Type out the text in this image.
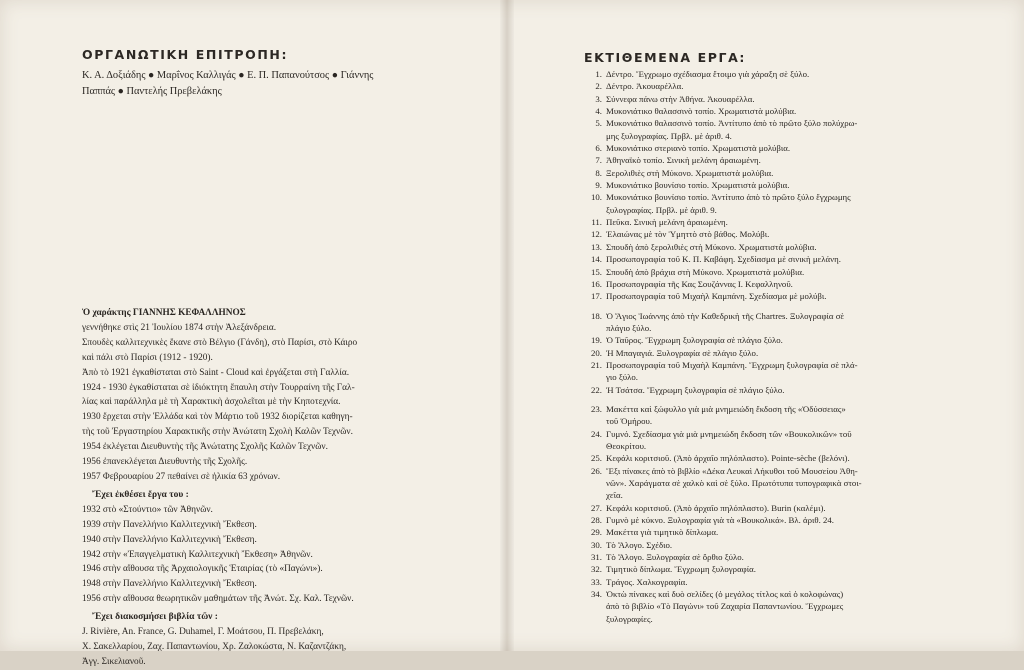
ΟΡΓΑΝΩΤΙΚΗ ΕΠΙΤΡΟΠΗ:
Κ. Α. Δοξιάδης ● Μαρΐνος Καλλιγάς ● Ε. Π. Παπανούτσος ● Γιάννης
Παππάς ● Παντελής Πρεβελάκης

Ὁ χαράκτης ΓΙΑΝΝΗΣ ΚΕΦΑΛΛΗΝΟΣ

γεννήθηκε στὶς 21 Ἰουλίου 1874 στὴν Ἀλεξάνδρεια.

Σπουδὲς καλλιτεχνικὲς ἔκανε στὸ Βέλγιο (Γάνδη), στὸ Παρίσι, στὸ Κάιρο

καὶ πάλι στὸ Παρίσι (1912 - 1920).

Ἀπὸ τὸ 1921 ἐγκαθίσταται στὸ Saint - Cloud καὶ ἐργάζεται στὴ Γαλλία.

1924 - 1930 ἐγκαθίσταται σὲ ἰδιόκτητη ἔπαυλη στὴν Τουρραίνη τῆς Γαλ-

λίας καὶ παράλληλα μὲ τὴ Χαρακτικὴ ἀσχολεῖται μὲ τὴν Κηποτεχνία.

1930 ἔρχεται στὴν Ἑλλάδα καὶ τὸν Μάρτιο τοῦ 1932 διορίζεται καθηγη-

τὴς τοῦ Ἐργαστηρίου Χαρακτικῆς στὴν Ἀνώτατη Σχολὴ Καλῶν Τεχνῶν.

1954 ἐκλέγεται Διευθυντὴς τῆς Ἀνώτατης Σχολῆς Καλῶν Τεχνῶν.

1956 ἐπανεκλέγεται Διευθυντὴς τῆς Σχολῆς.

1957 Φεβρουαρίου 27 πεθαίνει σὲ ἡλικία 63 χρόνων.

Ἔχει ἐκθέσει ἔργα του :

1932 στὸ «Στούντιο» τῶν Ἀθηνῶν.

1939 στὴν Πανελλήνιο Καλλιτεχνικὴ Ἔκθεση.

1940 στὴν Πανελλήνιο Καλλιτεχνικὴ Ἔκθεση.

1942 στὴν «Ἐπαγγελματικὴ Καλλιτεχνικὴ Ἔκθεση» Ἀθηνῶν.

1946 στὴν αἴθουσα τῆς Ἀρχαιολογικῆς Ἑταιρίας (τὸ «Παγώνι»).

1948 στὴν Πανελλήνιο Καλλιτεχνικὴ Ἔκθεση.

1956 στὴν αἴθουσα θεωρητικῶν μαθημάτων τῆς Ἀνώτ. Σχ. Καλ. Τεχνῶν.

Ἔχει διακοσμήσει βιβλία τῶν :

J. Rivière, An. France, G. Duhamel, Γ. Μοάτσου, Π. Πρεβελάκη,

Χ. Σακελλαρίου, Ζαχ. Παπαντωνίου, Χρ. Ζαλοκώστα, Ν. Καζαντζάκη,

Ἀγγ. Σικελιανοῦ.

ΕΚΤΙΘΕΜΕΝΑ ΕΡΓΑ:
1. Δέντρο. Ἔγχρωμο σχέδιασμα ἕτοιμο γιὰ χάραξη σὲ ξύλο.
2. Δέντρο. Ἀκουαρέλλα.
3. Σύννεφα πάνω στὴν Ἀθήνα. Ἀκουαρέλλα.
4. Μυκονιάτικο θαλασσινὸ τοπίο. Χρωματιστὰ μολύβια.
5. Μυκονιάτικο θαλασσινὸ τοπίο. Ἀντίτυπο ἀπὸ τὸ πρῶτο ξύλο πολύχρω-
μης ξυλογραφίας. Πρβλ. μὲ ἀριθ. 4.
6. Μυκονιάτικο στεριανὸ τοπίο. Χρωματιστὰ μολύβια.
7. Ἀθηναϊκὸ τοπίο. Σινικὴ μελάνη ἀραιωμένη.
8. Ξερολιθιὲς στὴ Μύκονο. Χρωματιστὰ μολύβια.
9. Μυκονιάτικο βουνίσιο τοπίο. Χρωματιστὰ μολύβια.
10. Μυκονιάτικο βουνίσιο τοπίο. Ἀντίτυπο ἀπὸ τὸ πρῶτο ξύλο ἔγχρωμης
ξυλογραφίας. Πρβλ. μὲ ἀριθ. 9.
11. Πεῦκα. Σινικὴ μελάνη ἀραιωμένη.
12. Ἐλαιώνας μὲ τὸν Ὑμηττὸ στὸ βάθος. Μολύβι.
13. Σπουδὴ ἀπὸ ξερολιθιὲς στὴ Μύκονο. Χρωματιστὰ μολύβια.
14. Προσωπογραφία τοῦ Κ. Π. Καβάφη. Σχεδίασμα μὲ σινικὴ μελάνη.
15. Σπουδὴ ἀπὸ βράχια στὴ Μύκονο. Χρωματιστὰ μολύβια.
16. Προσωπογραφία τῆς Κας Σουζάννας Ι. Κεφαλληνοῦ.
17. Προσωπογραφία τοῦ Μιχαὴλ Καμπάνη. Σχεδίασμα μὲ μολύβι.
18. Ὁ Ἅγιος Ἰωάννης ἀπὸ τὴν Καθεδρικὴ τῆς Chartres. Ξυλογραφία σὲ
πλάγιο ξύλο.
19. Ὁ Ταῦρος. Ἔγχρωμη ξυλογραφία σὲ πλάγιο ξύλο.
20. Ἡ Μπαγαγιά. Ξυλογραφία σὲ πλάγιο ξύλο.
21. Προσωπογραφία τοῦ Μιχαὴλ Καμπάνη. Ἔγχρωμη ξυλογραφία σὲ πλά-
γιο ξύλο.
22. Ἡ Τσάτσα. Ἔγχρωμη ξυλογραφία σὲ πλάγιο ξύλο.
23. Μακέττα καὶ ξώφυλλο γιὰ μιὰ μνημειώδη ἔκδοση τῆς «Ὀδύσσειας»
τοῦ Ὁμήρου.
24. Γυμνό. Σχεδίασμα γιὰ μιὰ μνημειώδη ἔκδοση τῶν «Βουκολικῶν» τοῦ
Θεοκρίτου.
25. Κεφάλι κοριτσιοῦ. (Ἀπὸ ἀρχαῖο πηλόπλαστο). Pointe-sèche (βελόνι).
26. Ἔξι πίνακες ἀπὸ τὸ βιβλίο «Δέκα Λευκαὶ Λήκυθοι τοῦ Μουσείου Ἀθη-
νῶν». Χαράγματα σὲ χαλκὸ καὶ σὲ ξύλο. Πρωτότυπα τυπογραφικὰ στοι-
χεῖα.
27. Κεφάλι κοριτσιοῦ. (Ἀπὸ ἀρχαῖο πηλόπλαστο). Burin (καλέμι).
28. Γυμνὸ μὲ κύκνο. Ξυλογραφία γιὰ τὰ «Βουκολικά». Βλ. ἀριθ. 24.
29. Μακέττα γιὰ τιμητικὸ δίπλωμα.
30. Τὸ Ἄλογο. Σχέδιο.
31. Τὸ Ἄλογο. Ξυλογραφία σὲ ὄρθιο ξύλο.
32. Τιμητικὸ δίπλωμα. Ἔγχρωμη ξυλογραφία.
33. Τράγος. Χαλκογραφία.
34. Ὀκτὼ πίνακες καὶ δυὸ σελίδες (ὁ μεγάλος τίτλος καὶ ὁ κολοφώνας)
ἀπὸ τὸ βιβλίο «Τὸ Παγώνι» τοῦ Ζαχαρία Παπαντωνίου. Ἔγχρωμες
ξυλογραφίες.
